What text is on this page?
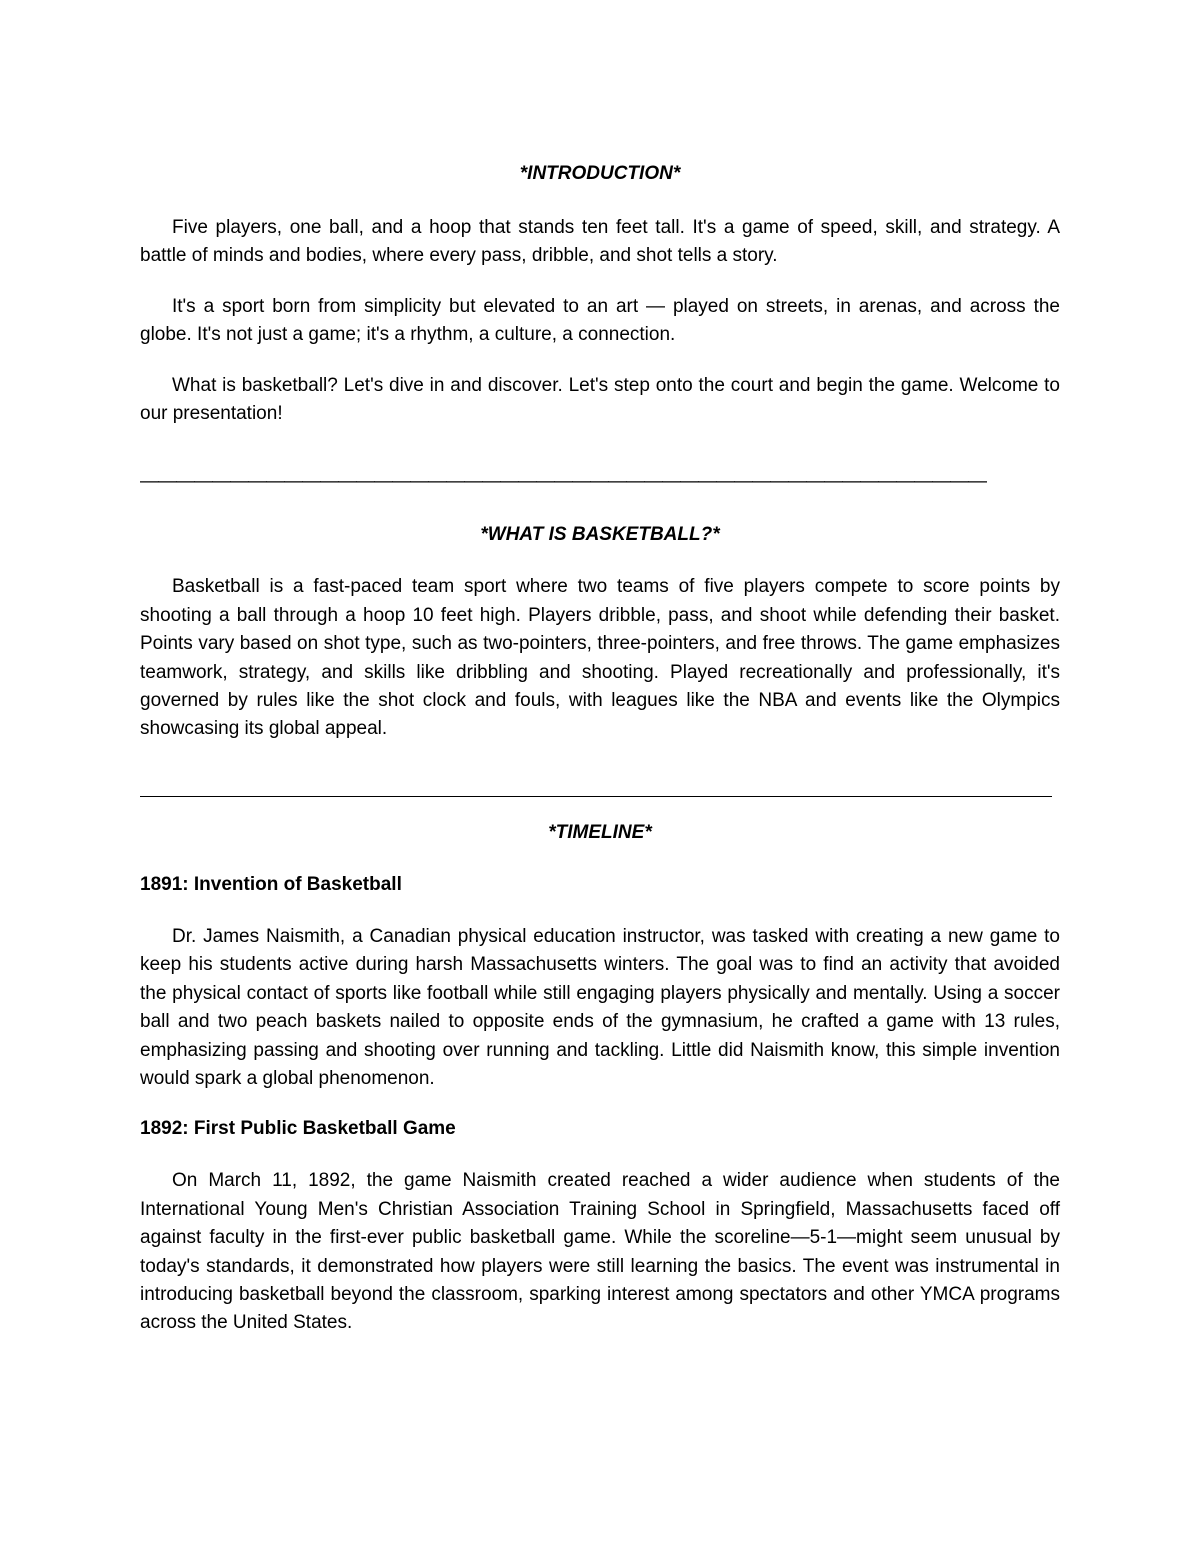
*INTRODUCTION*
Five players, one ball, and a hoop that stands ten feet tall. It's a game of speed, skill, and strategy. A battle of minds and bodies, where every pass, dribble, and shot tells a story.
It's a sport born from simplicity but elevated to an art — played on streets, in arenas, and across the globe. It's not just a game; it's a rhythm, a culture, a connection.
What is basketball? Let's dive in and discover. Let's step onto the court and begin the game. Welcome to our presentation!
———————————————————————————————————————————————
*WHAT IS BASKETBALL?*
Basketball is a fast-paced team sport where two teams of five players compete to score points by shooting a ball through a hoop 10 feet high. Players dribble, pass, and shoot while defending their basket. Points vary based on shot type, such as two-pointers, three-pointers, and free throws. The game emphasizes teamwork, strategy, and skills like dribbling and shooting. Played recreationally and professionally, it's governed by rules like the shot clock and fouls, with leagues like the NBA and events like the Olympics showcasing its global appeal.
*TIMELINE*
1891: Invention of Basketball
Dr. James Naismith, a Canadian physical education instructor, was tasked with creating a new game to keep his students active during harsh Massachusetts winters. The goal was to find an activity that avoided the physical contact of sports like football while still engaging players physically and mentally. Using a soccer ball and two peach baskets nailed to opposite ends of the gymnasium, he crafted a game with 13 rules, emphasizing passing and shooting over running and tackling. Little did Naismith know, this simple invention would spark a global phenomenon.
1892: First Public Basketball Game
On March 11, 1892, the game Naismith created reached a wider audience when students of the International Young Men's Christian Association Training School in Springfield, Massachusetts faced off against faculty in the first-ever public basketball game. While the scoreline—5-1—might seem unusual by today's standards, it demonstrated how players were still learning the basics. The event was instrumental in introducing basketball beyond the classroom, sparking interest among spectators and other YMCA programs across the United States.
